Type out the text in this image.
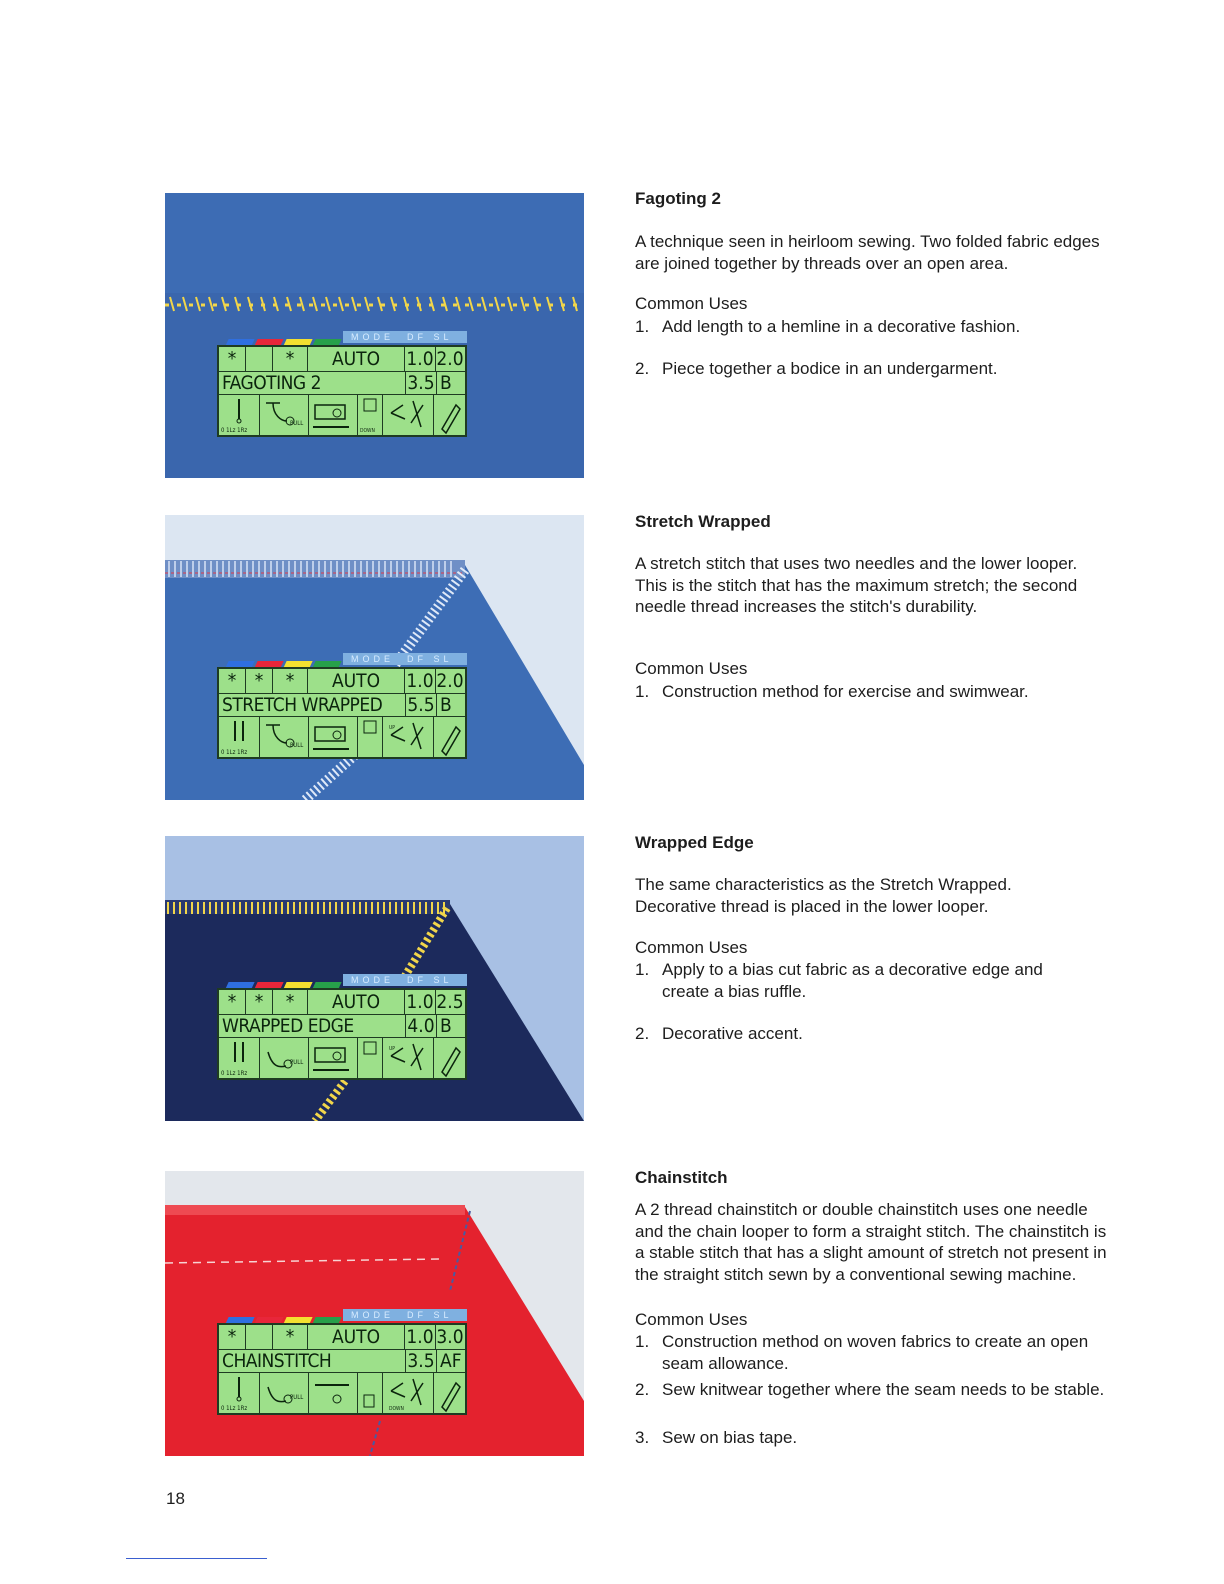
MODE DF SL
*	*	AUTO	1.0 2.0
FAGOTING 2	3.5 B
0 1Lz 1Rz
PULL
DOWN
Fagoting 2
A technique seen in heirloom sewing. Two folded fabric edges are joined together by threads over an open area.
Common Uses
1. Add length to a hemline in a decorative fashion.
2. Piece together a bodice in an undergarment.
MODE DF SL
* *	*	AUTO	1.0 2.0
STRETCH WRAPPED 5.5 B
0 1Lz 1Rz
PULL
UP
Stretch Wrapped
A stretch stitch that uses two needles and the lower looper. This is the stitch that has the maximum stretch; the second needle thread increases the stitch's durability.
Common Uses
1. Construction method for exercise and swimwear.
MODE DF SL
* *	*	AUTO	1.0 2.5
WRAPPED EDGE	4.0 B
0 1Lz 1Rz
PULL
UP
Wrapped Edge
The same characteristics as the Stretch Wrapped. Decorative thread is placed in the lower looper.
Common Uses
1. Apply to a bias cut fabric as a decorative edge and create a bias ruffle.
2. Decorative accent.
MODE DF SL
*	*	AUTO	1.0 3.0
CHAINSTITCH	3.5 AF
0 1Lz 1Rz
PULL
DOWN
Chainstitch
A 2 thread chainstitch or double chainstitch uses one needle and the chain looper to form a straight stitch. The chainstitch is a stable stitch that has a slight amount of stretch not present in the straight stitch sewn by a conventional sewing machine.
Common Uses
1. Construction method on woven fabrics to create an open seam allowance.
2. Sew knitwear together where the seam needs to be stable.
3. Sew on bias tape.
18
